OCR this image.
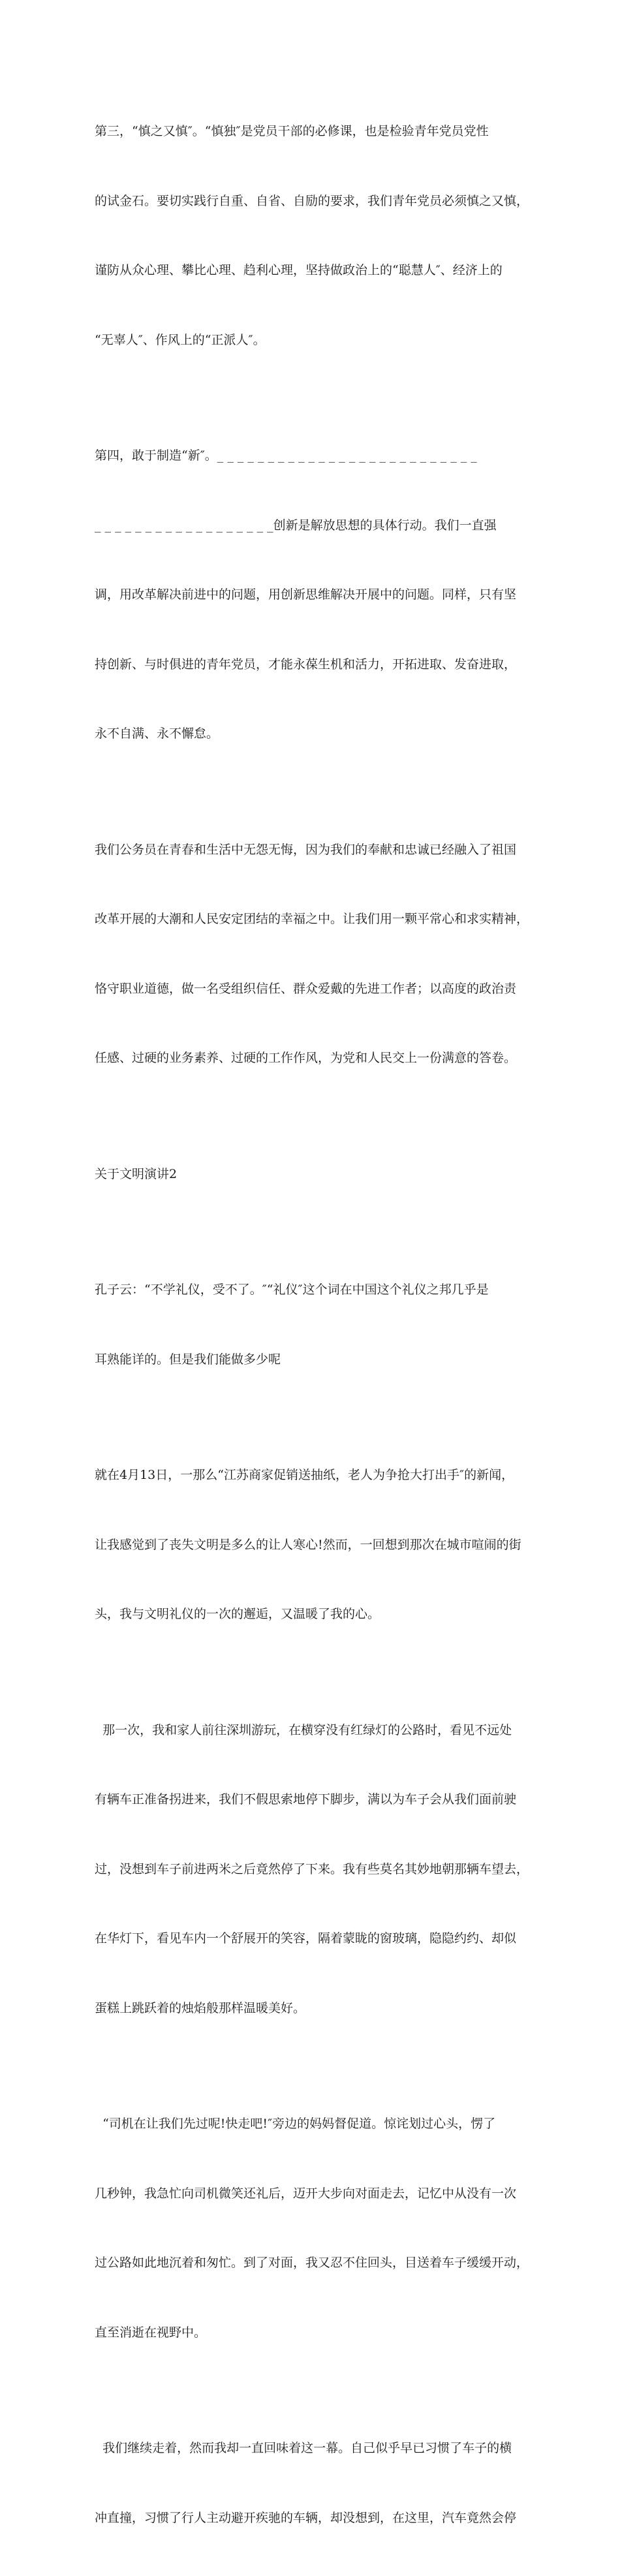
第三，“慎之又慎″。“慎独″是党员干部的必修课，也是检验青年党员党性

的试金石。要切实践行自重、自省、自励的要求，我们青年党员必须慎之又慎，

谨防从众心理、攀比心理、趋利心理，坚持做政治上的“聪慧人″、经济上的

“无辜人″、作风上的“正派人″。

第四，敢于制造“新″。_ _ _ _ _ _ _ _ _ _ _ _ _ _ _ _ _ _ _ _ _ _ _ _ _ _

_ _ _ _ _ _ _ _ _ _ _ _ _ _ _ _ _ _创新是解放思想的具体行动。我们一直强

调，用改革解决前进中的问题，用创新思维解决开展中的问题。同样，只有坚

持创新、与时俱进的青年党员，才能永葆生机和活力，开拓进取、发奋进取，

永不自满、永不懈怠。

我们公务员在青春和生活中无怨无悔，因为我们的奉献和忠诚已经融入了祖国

改革开展的大潮和人民安定团结的幸福之中。让我们用一颗平常心和求实精神，

恪守职业道德，做一名受组织信任、群众爱戴的先进工作者；以高度的政治责

任感、过硬的业务素养、过硬的工作作风，为党和人民交上一份满意的答卷。

关于文明演讲2

孔子云：“不学礼仪，受不了。″“礼仪″这个词在中国这个礼仪之邦几乎是

耳熟能详的。但是我们能做多少呢

就在4月13日，一那么“江苏商家促销送抽纸，老人为争抢大打出手″的新闻，

让我感觉到了丧失文明是多么的让人寒心!然而，一回想到那次在城市喧闹的街

头，我与文明礼仪的一次的邂逅，又温暖了我的心。

那一次，我和家人前往深圳游玩，在横穿没有红绿灯的公路时，看见不远处

有辆车正准备拐进来，我们不假思索地停下脚步，满以为车子会从我们面前驶

过，没想到车子前进两米之后竟然停了下来。我有些莫名其妙地朝那辆车望去，

在华灯下，看见车内一个舒展开的笑容，隔着蒙眬的窗玻璃，隐隐约约、却似

蛋糕上跳跃着的烛焰般那样温暖美好。

“司机在让我们先过呢!快走吧!″旁边的妈妈督促道。惊诧划过心头，愣了

几秒钟，我急忙向司机微笑还礼后，迈开大步向对面走去，记忆中从没有一次

过公路如此地沉着和匆忙。到了对面，我又忍不住回头，目送着车子缓缓开动，

直至消逝在视野中。

我们继续走着，然而我却一直回味着这一幕。自己似乎早已习惯了车子的横

冲直撞，习惯了行人主动避开疾驰的车辆，却没想到，在这里，汽车竟然会停
